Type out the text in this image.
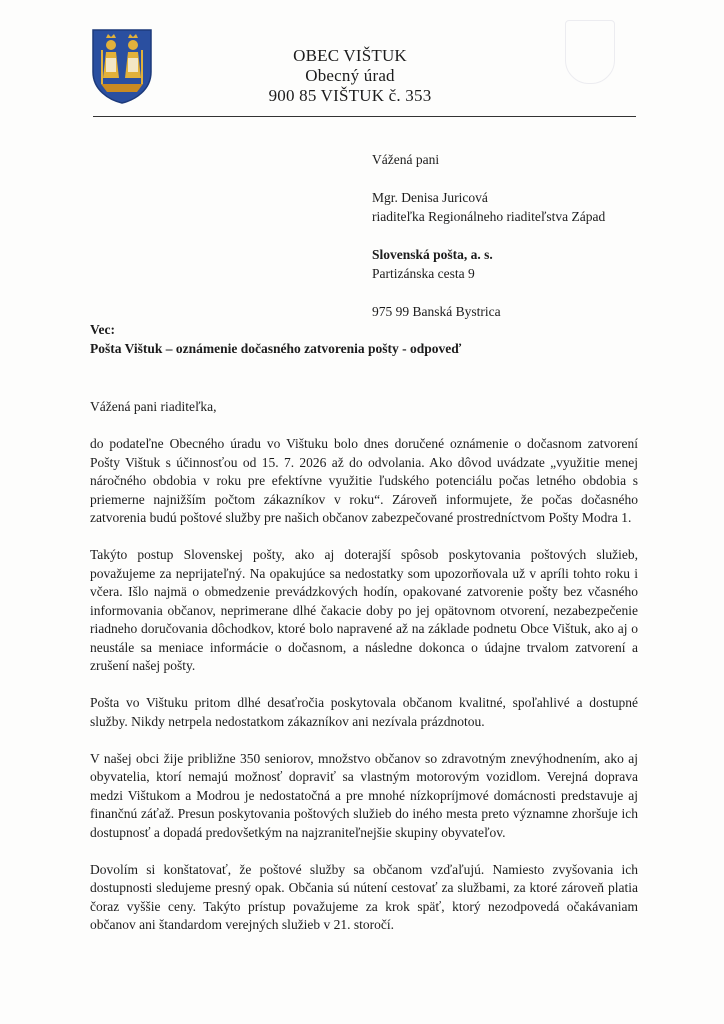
OBEC VIŠTUK
Obecný úrad
900 85 VIŠTUK č. 353
Vážená pani
Mgr. Denisa Juricová
riaditeľka Regionálneho riaditeľstva Západ
Slovenská pošta, a. s.
Partizánska cesta 9
975 99 Banská Bystrica
Vec:
Pošta Vištuk – oznámenie dočasného zatvorenia pošty - odpoveď

Vážená pani riaditeľka,

do podateľne Obecného úradu vo Vištuku bolo dnes doručené oznámenie o dočasnom zatvorení Pošty Vištuk s účinnosťou od 15. 7. 2026 až do odvolania. Ako dôvod uvádzate „využitie menej náročného obdobia v roku pre efektívne využitie ľudského potenciálu počas letného obdobia s priemerne najnižším počtom zákazníkov v roku“. Zároveň informujete, že počas dočasného zatvorenia budú poštové služby pre našich občanov zabezpečované prostredníctvom Pošty Modra 1.

Takýto postup Slovenskej pošty, ako aj doterajší spôsob poskytovania poštových služieb, považujeme za neprijateľný. Na opakujúce sa nedostatky som upozorňovala už v apríli tohto roku i včera. Išlo najmä o obmedzenie prevádzkových hodín, opakované zatvorenie pošty bez včasného informovania občanov, neprimerane dlhé čakacie doby po jej opätovnom otvorení, nezabezpečenie riadneho doručovania dôchodkov, ktoré bolo napravené až na základe podnetu Obce Vištuk, ako aj o neustále sa meniace informácie o dočasnom, a následne dokonca o údajne trvalom zatvorení a zrušení našej pošty.

Pošta vo Vištuku pritom dlhé desaťročia poskytovala občanom kvalitné, spoľahlivé a dostupné služby. Nikdy netrpela nedostatkom zákazníkov ani nezívala prázdnotou.

V našej obci žije približne 350 seniorov, množstvo občanov so zdravotným znevýhodnením, ako aj obyvatelia, ktorí nemajú možnosť dopraviť sa vlastným motorovým vozidlom. Verejná doprava medzi Vištukom a Modrou je nedostatočná a pre mnohé nízkopríjmové domácnosti predstavuje aj finančnú záťaž. Presun poskytovania poštových služieb do iného mesta preto významne zhoršuje ich dostupnosť a dopadá predovšetkým na najzraniteľnejšie skupiny obyvateľov.

Dovolím si konštatovať, že poštové služby sa občanom vzďaľujú. Namiesto zvyšovania ich dostupnosti sledujeme presný opak. Občania sú nútení cestovať za službami, za ktoré zároveň platia čoraz vyššie ceny. Takýto prístup považujeme za krok späť, ktorý nezodpovedá očakávaniam občanov ani štandardom verejných služieb v 21. storočí.
